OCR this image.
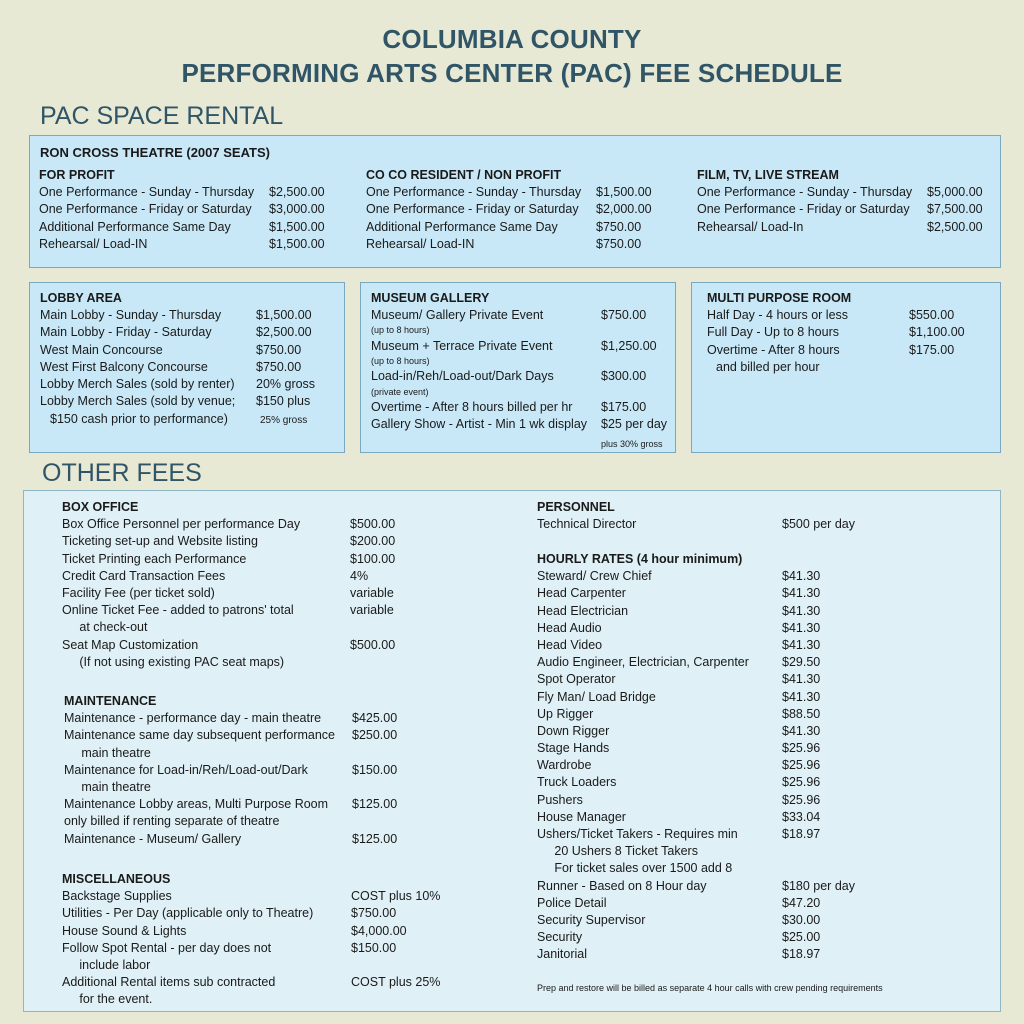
COLUMBIA COUNTY
PERFORMING ARTS CENTER (PAC) FEE SCHEDULE
PAC SPACE RENTAL
RON CROSS THEATRE (2007 SEATS)
FOR PROFIT
One Performance - Sunday - Thursday $2,500.00
One Performance - Friday or Saturday $3,000.00
Additional Performance Same Day	$1,500.00
Rehearsal/ Load-IN	$1,500.00
CO CO RESIDENT / NON PROFIT
One Performance - Sunday - Thursday $1,500.00
One Performance - Friday or Saturday $2,000.00
Additional Performance Same Day	$750.00
Rehearsal/ Load-IN	$750.00
FILM, TV, LIVE STREAM
One Performance - Sunday - Thursday $5,000.00
One Performance - Friday or Saturday $7,500.00
Rehearsal/ Load-In	$2,500.00
LOBBY AREA
Main Lobby - Sunday - Thursday	$1,500.00
Main Lobby - Friday - Saturday	$2,500.00
West Main Concourse	$750.00
West First Balcony Concourse	$750.00
Lobby Merch Sales (sold by renter) 20% gross
Lobby Merch Sales (sold by venue; $150 plus
$150 cash prior to performance)	25% gross
MUSEUM GALLERY
Museum/ Gallery Private Event	$750.00
(up to 8 hours)
Museum + Terrace Private Event	$1,250.00
(up to 8 hours)
Load-in/Reh/Load-out/Dark Days	$300.00
(private event)
Overtime - After 8 hours billed per hr $175.00
Gallery Show - Artist - Min 1 wk display $25 per day
plus 30% gross
MULTI PURPOSE ROOM
Half Day - 4 hours or less	$550.00
Full Day - Up to 8 hours	$1,100.00
Overtime - After 8 hours	$175.00
and billed per hour
OTHER FEES
BOX OFFICE
Box Office Personnel per performance Day	$500.00
Ticketing set-up and Website listing	$200.00
Ticket Printing each Performance	$100.00
Credit Card Transaction Fees	4%
Facility Fee (per ticket sold)	variable
Online Ticket Fee - added to patrons' total	variable
at check-out
Seat Map Customization	$500.00
(If not using existing PAC seat maps)
MAINTENANCE
Maintenance - performance day - main theatre $425.00
Maintenance same day subsequent performance $250.00
main theatre
Maintenance for Load-in/Reh/Load-out/Dark	$150.00
main theatre
Maintenance Lobby areas, Multi Purpose Room $125.00
only billed if renting separate of theatre
Maintenance - Museum/ Gallery	$125.00
MISCELLANEOUS
Backstage Supplies	COST plus 10%
Utilities - Per Day (applicable only to Theatre)	$750.00
House Sound & Lights	$4,000.00
Follow Spot Rental - per day does not	$150.00
include labor
Additional Rental items sub contracted	COST plus 25%
for the event.
PERSONNEL
Technical Director	$500 per day
HOURLY RATES (4 hour minimum)
Steward/ Crew Chief	$41.30
Head Carpenter	$41.30
Head Electrician	$41.30
Head Audio	$41.30
Head Video	$41.30
Audio Engineer, Electrician, Carpenter	$29.50
Spot Operator	$41.30
Fly Man/ Load Bridge	$41.30
Up Rigger	$88.50
Down Rigger	$41.30
Stage Hands	$25.96
Wardrobe	$25.96
Truck Loaders	$25.96
Pushers	$25.96
House Manager	$33.04
Ushers/Ticket Takers - Requires min	$18.97
20 Ushers 8 Ticket Takers
For ticket sales over 1500 add 8
Runner - Based on 8 Hour day	$180 per day
Police Detail	$47.20
Security Supervisor	$30.00
Security	$25.00
Janitorial	$18.97
Prep and restore will be billed as separate 4 hour calls with crew pending requirements
